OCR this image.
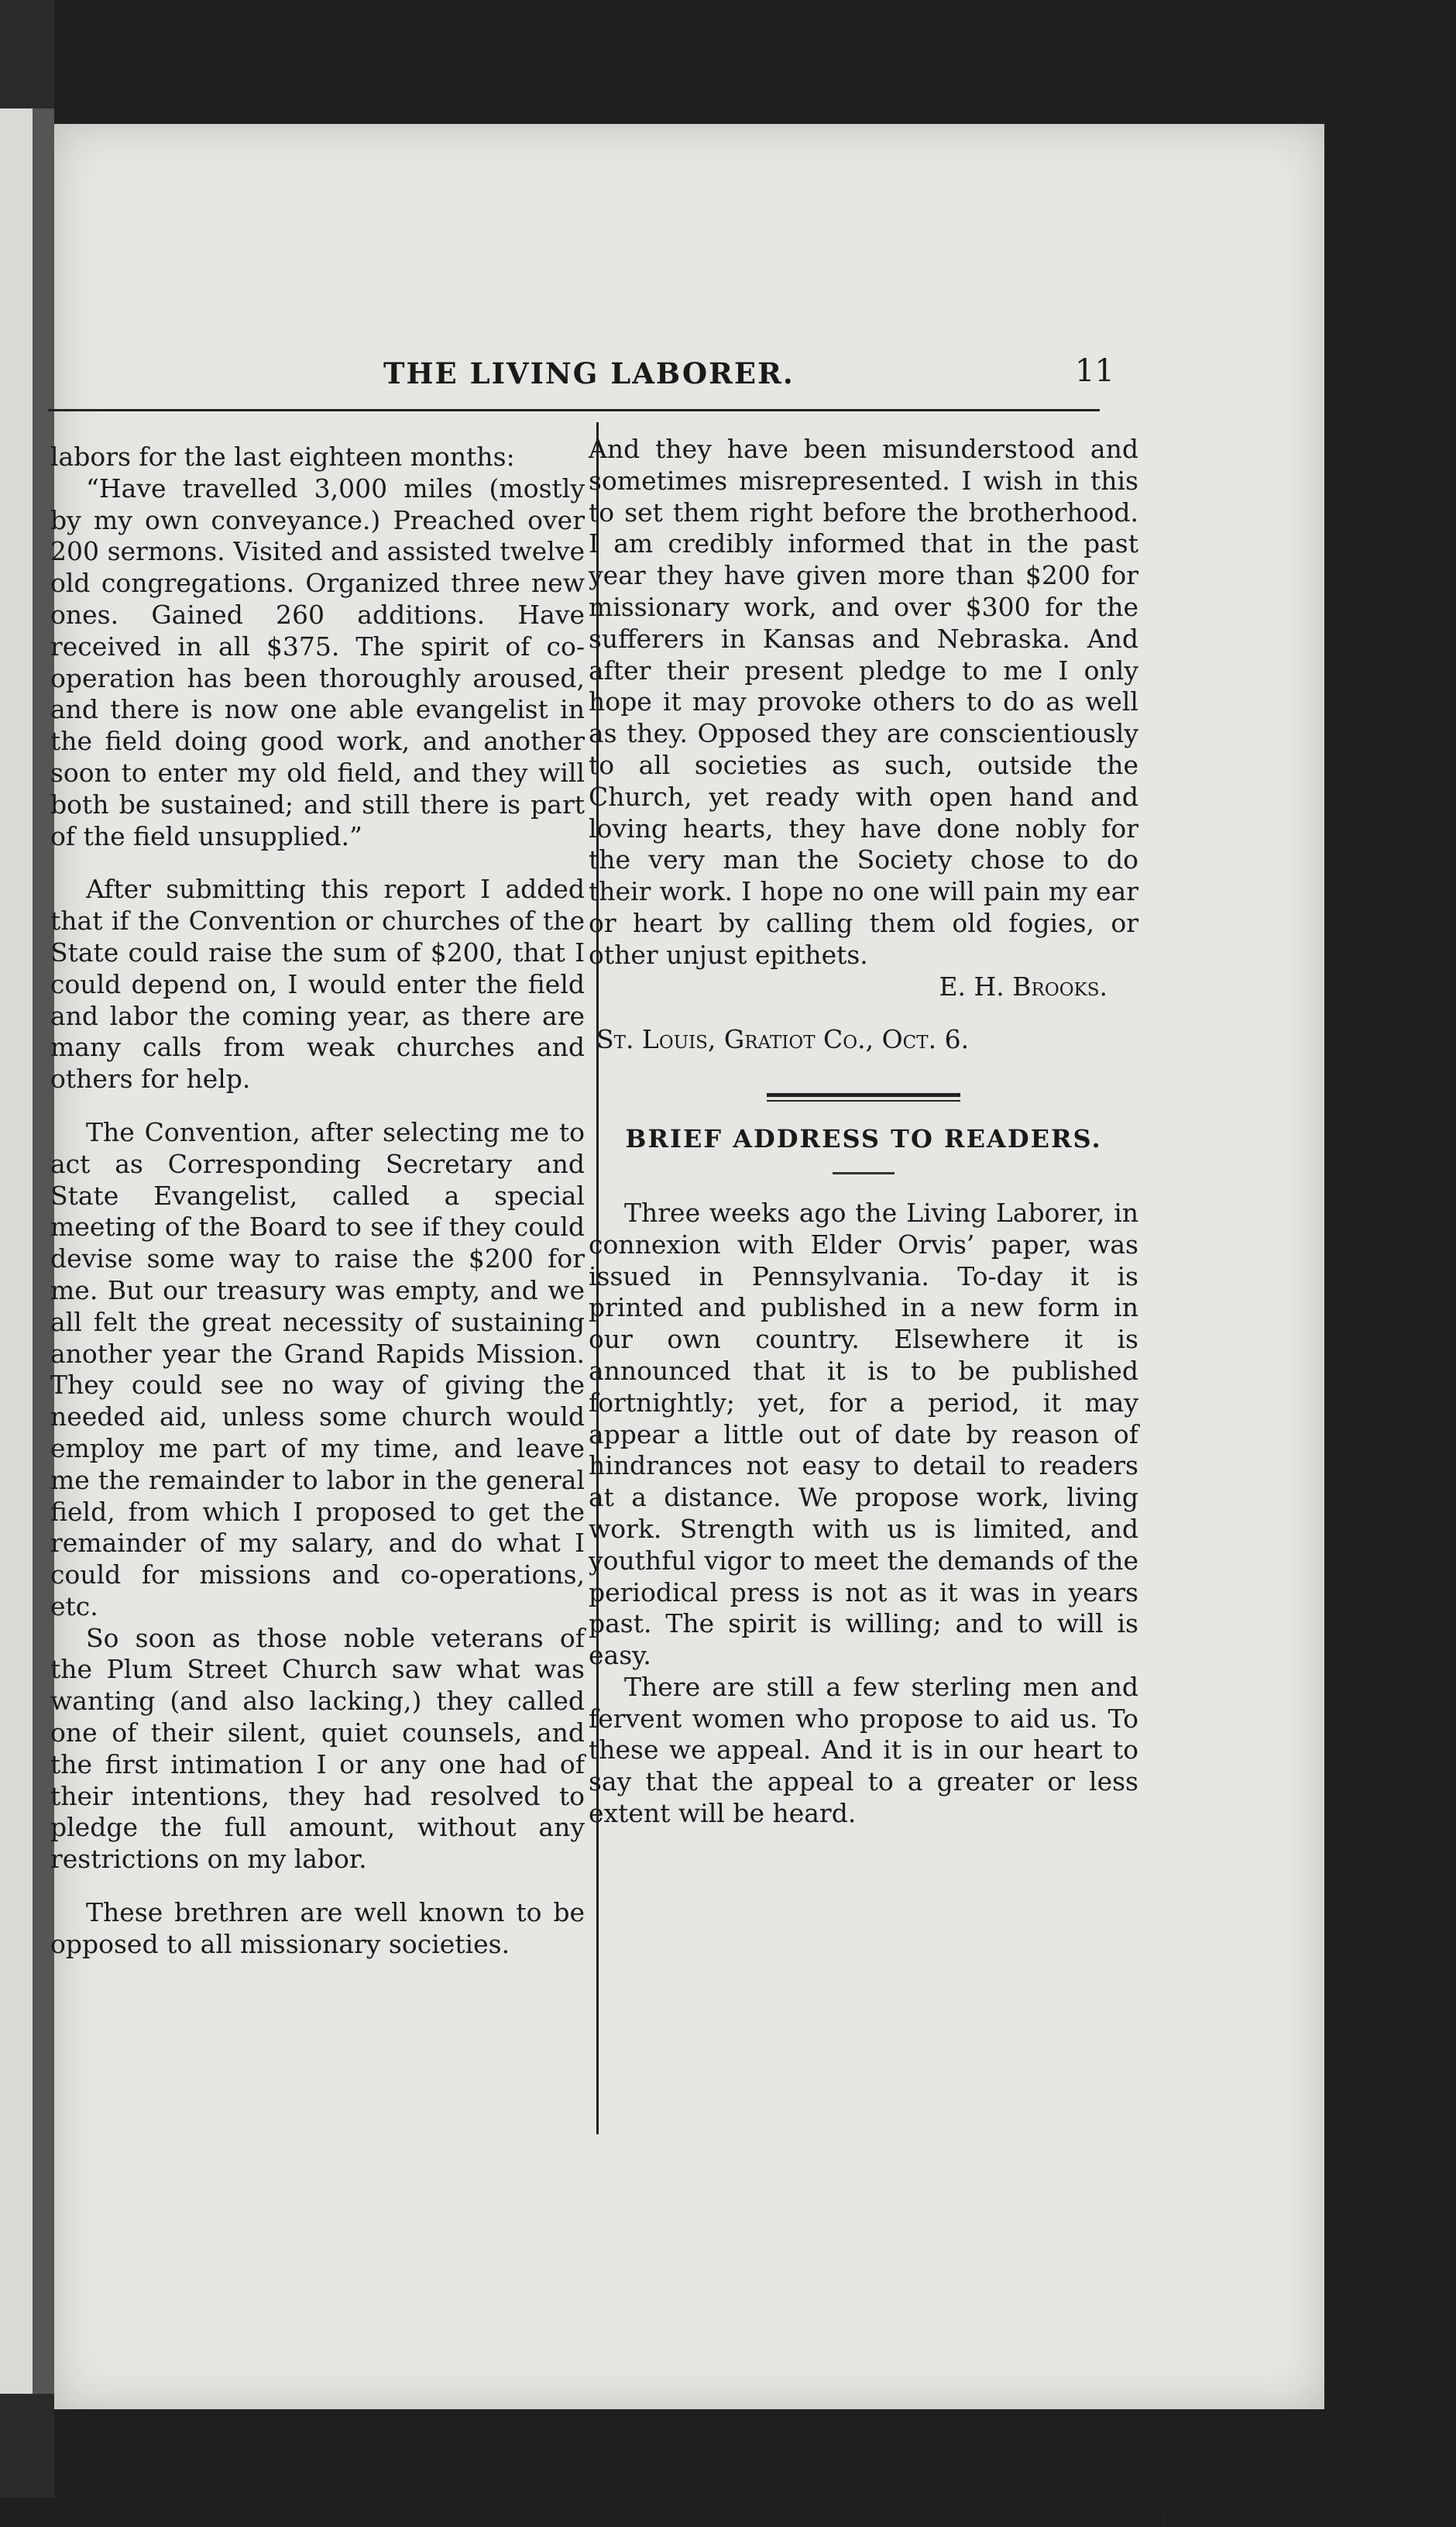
THE LIVING LABORER.	11

labors for the last eighteen months:

“Have travelled 3,000 miles (mostly by my own conveyance.) Preached over 200 sermons. Visited and assisted twelve old congregations. Organized three new ones. Gained 260 additions. Have received in all $375. The spirit of co-operation has been thoroughly aroused, and there is now one able evangelist in the field doing good work, and another soon to enter my old field, and they will both be sustained; and still there is part of the field unsupplied.”

After submitting this report I added that if the Convention or churches of the State could raise the sum of $200, that I could depend on, I would enter the field and labor the coming year, as there are many calls from weak churches and others for help.

The Convention, after selecting me to act as Corresponding Secretary and State Evangelist, called a special meeting of the Board to see if they could devise some way to raise the $200 for me. But our treasury was empty, and we all felt the great necessity of sustaining another year the Grand Rapids Mission. They could see no way of giving the needed aid, unless some church would employ me part of my time, and leave me the remainder to labor in the general field, from which I proposed to get the remainder of my salary, and do what I could for missions and co-operations, etc.

So soon as those noble veterans of the Plum Street Church saw what was wanting (and also lacking,) they called one of their silent, quiet counsels, and the first intimation I or any one had of their intentions, they had resolved to pledge the full amount, without any restrictions on my labor.

These brethren are well known to be opposed to all missionary societies.

And they have been misunderstood and sometimes misrepresented. I wish in this to set them right before the brotherhood. I am credibly informed that in the past year they have given more than $200 for missionary work, and over $300 for the sufferers in Kansas and Nebraska. And after their present pledge to me I only hope it may provoke others to do as well as they. Opposed they are conscientiously to all societies as such, outside the Church, yet ready with open hand and loving hearts, they have done nobly for the very man the Society chose to do their work. I hope no one will pain my ear or heart by calling them old fogies, or other unjust epithets.

E. H. Brooks.

St. Louis, Gratiot Co., Oct. 6.

BRIEF ADDRESS TO READERS.

Three weeks ago the Living Laborer, in connexion with Elder Orvis’ paper, was issued in Pennsylvania. To-day it is printed and published in a new form in our own country. Elsewhere it is announced that it is to be published fortnightly; yet, for a period, it may appear a little out of date by reason of hindrances not easy to detail to readers at a distance. We propose work, living work. Strength with us is limited, and youthful vigor to meet the demands of the periodical press is not as it was in years past. The spirit is willing; and to will is easy.

There are still a few sterling men and fervent women who propose to aid us. To these we appeal. And it is in our heart to say that the appeal to a greater or less extent will be heard.
